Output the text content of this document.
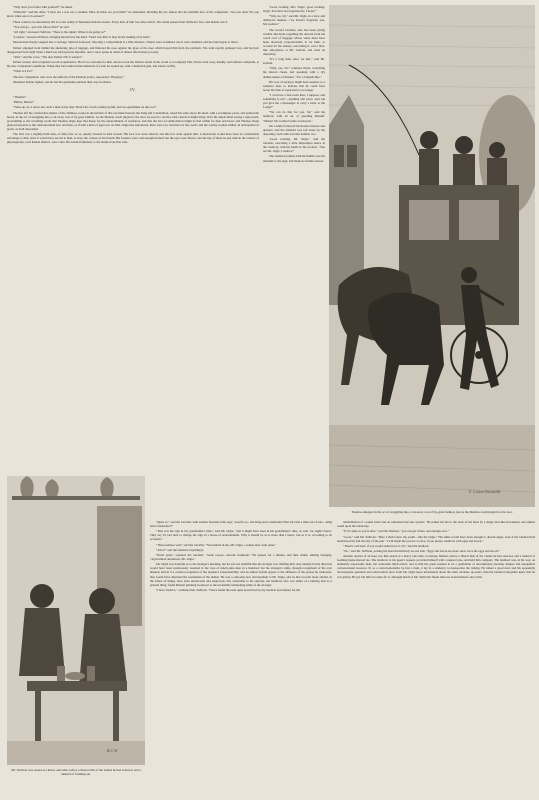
"Why don't you follow him yourself?" he asked.

"Imbecile!" said the other, "I have not a son, not a centime. Mère de Dieu: are you blind?" he demanded, thrusting his jaw almost into the doubtful face of his companion. "Are you mad? Do you know when one is in earnest?"

There could be no uncertainty left as to the reality of Monsieur Peltzer's desire. Every inch of him was alive with it. The doubt passed from Sullivan's face; and Peltzer saw it.

"You will go—you will follow him?" he said.

"All right," answered Sullivan. "There is the signal. Where is he going to?"

"London," answered Peltzer, wringing his hand by the hand. "Don't lose him. It may be the making of us both."

Moreau had already stepped into a carriage; Sullivan followed, choosing a compartment at a little distance. Tickets were examined, doors were slammed, and the train began to move.

Peltzer emerged from behind the sheltering pile of luggage, and fluttered his nose against the glass of the door which barred him from the platform. The train rapidly gathered way, and had just disappeared from sight when a hand was laid upon his shoulder, and a voice spoke in terms of almost affectionate jocosity.

"Aha!" said the voice. "The dear Peltzer! He is wanted."

Peltzer turned, and recognised an old acquaintance. He let no welcome for him, and not even the faintest desire in the world to accompany him; but he went away meekly, and without complaint, at his new companion's summons. When they had walked some hundreds of yards, he looked up, with a diabolical grin, and asked, swiftly,

"What is it for?"

The new companion, who wore the uniform of the Parisian police, responded, "Burglary."

Monsieur Peltzer sighed, and he and the gendarme pursued their way in silence.

IV.

"Thomas!"

"Hillon, Missis!"

"Wake up, do. I never saw such a man in my days. Here's the coach coming up hill, and two gentlemen on the roof."

Thomas left the comfortable shelter of the chimney-corner in the kitchen of that excellent hostelry the King and Constitution, raised his arms above his head, with a prodigious yawn, and quitted the house, in the act of struggling into a cut-away coat of by-gone fashion. As the Meldon coach jingled to the door, he stood to receive what custom it might bring. Over the ample lintel swung a sign-board, proclaiming to the travelling world that Thomas Orgle kept that house for the entertainment of wayfarers, and that the best accommodation might be had within for man and beast; and Thomas Orgle glanced upwards to this announcement now and then, as if with a kind of approval. As Mrs. Orgle had announced, there were two travellers by the coach; and the worthy woman smiled, in anticipation of profit, as both descended.

The first was a slightly-built man, of thirty-five or so, quietly dressed in dark tweeds. His face was clean shaven; and this fact went against him. A moustache would have been of considerable advantage to him, since it would have served to hide, at least, the corners of his mouth. His features were well enough formed; but the eyes were furtive, and the lips, if there be any truth in the science of physiognomy, or in human instinct, were cruel. He nodded familiarly to the landlord and his wife.

"Good evening, Mrs. Orgle; good evening, Orgle. You have not forgotten me, I hope?"

"Why, no, Sir," said Mr. Orgle, in a slow and deliberate manner—"we haven't forgotten you, Mr. Gabriel."

The second traveller, who had been giving voluble directions regarding the descent from the coach roof of baggage whose value must have been inversely proportionable to its bulk, to account for his anxiety concerning it, cast a bird-like side-glance at Mr. Gabriel, and went on chattering.

"It's a long time since we met," said Mr. Gabriel.

"Why, yes, Sir," returned Orgle, scratching his shaven cheek, and speaking with a dry deliberateness of manner. "It is a longish time."

His way of saying it might have seemed, to a sensitive man, to indicate that he could have borne the time of separation to be longer.

"I can have a bed-room here, I suppose, and something to eat?—anything will serve. And can you give me a messenger to carry a letter to the Lodge?"

"We can do that for you, Sir," said the landlord, with an air of guarding himself. "Missis! Mr. Gabriel wants a bedroom."

Mr. Gabriel followed his hostess indoors and upstairs; and the landlord was left alone by the departing coach with traveller number two.

"Good evening, Mr. Orgle," said the traveller, executing a little impromptu dance in the roadway, with his hands in his pockets. "You are Mr. Orgle, I believe?"

The landlord pointed with his thumb over his shoulder to the sign, and made no further answer.

F. Cotton Woodville
Thomas emerged in the act of struggling into a cut-away coat of by-gone fashion, just as the Meldon coach jingled to the door.
R.C.W.
Mr. Sullivan was seated at a heavy oak table, before a liberal dish of the viands he had selected, and a tankard of foaming ale.

"Quite so," said the traveller, with another flourish of his legs; "exactly so—the King and Constitution! But isn't that a little out of date—King and Constitution?"

"That was the sign in my grandfather's time," said Mr. Orgle; "and it might have been in his grandfather's time, as well, for aught I know. They say it's bad luck to change the sign of a house of entertainment. Why it should be so is more than I know; but so it is, according to all accounts."

"This promises well," said the traveller. "You behold in me, Mr. Orgle, a seeker after rural quiet."

"After?" said the landlord, inquiringly.

"Rural quiet," repeated the traveller; "rustic repose—bucolic beatitude." He paused for a minute, and then added, smiling benignly, "Agricultural anesthesia, Mr. Orgle."

Mr. Orgle was doubtful as to the stranger's meaning, but he was not doubtful that the stranger was chaffing him. Any attempt in that direction would have been ponderously resented in the case of ninety-nine men in a hundred; but the stranger's smile, though recognisant of his own humour, had in it a certain recognition of the speaker's irresponsibility, and an almost boyish appeal to the affluence of the person he addressed, that would have disarmed the resentment of the dullest. He was a curiously new development to Mr. Orgle, and on that account alone should, in the nature of things, have been unwelcome and suspicious; but, somewhat to his surprise, the landlord, who was rather of a bulldog turn as a general thing, found himself grinning in answer to the irresistibly insinuating smile of the stranger.

"I have found it," continued Mr. Sullivan. "I have found the rural quiet prescribed by my medical practitioner for the

rehabilitation of a jaded brain and an exhausted nervous system." He jerked his hat to the back of his head by a single bird-like movement, and smiled round upon the landscape.

"If it's quiet as you're after," said the landlord, "you can get it here, and enough on it."

"Good," said Mr. Sullivan. "Here I shall renew my youth—like the Orgle." His smile would have been enough to disarm anger, even if the landlord had understood the full atrocity of the pun. "I will begin the process at once, if you please, landlord, with eggs and bacon."

"There's cold beef, if you would rather have it, Sir," said the landlord.

"No," said Mr. Sullivan, poising his head meditatively on one side. "Eggs and bacon are more rural. Give me eggs and bacon!"

Another quarter of an hour saw him seated at a heavy oak table, at antique fashion, before a liberal dish of the viands he had selected, and a tankard of foaming home-brewed ale. The landlord, at his guest's request, provided himself with a tankard also, and held him company. The landlord was, in his way, an eminently respectable man, but somewhat thick-witted; and to him his guest seemed to be a gentleman of uncommonly pleasing manner and unequalled conversational resource. If, as a conversationalist, he had a fault, it lay in a tendency to monopolise the talking. He talked a good deal; and his apparently inconsequent questions and observations drew from Mr. Orgle more information about the other traveller, up-stairs, than the landlord altogether knew that he was giving. He got but little in return for it, although much of Mr. Sullivan's fluent talk was about himself, and, in his
